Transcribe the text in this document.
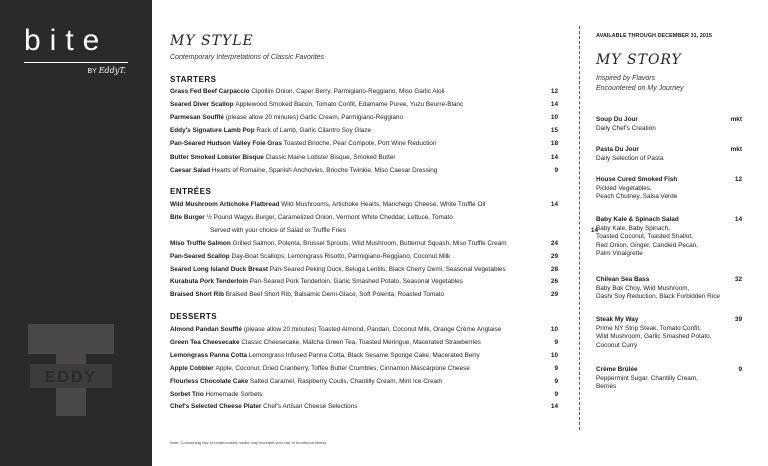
bite
BY EddyT.
EDDY
MY STYLE
Contemporary Interpretations of Classic Favorites
STARTERS
Grass Fed Beef Carpaccio Cipollini Onion, Caper Berry, Parmigiano-Reggiano, Miso Garlic Aioli	12
Seared Diver Scallop Applewood Smoked Bacon, Tomato Confit, Edamame Puree, Yuzu Beurre-Blanc	14
Parmesan Soufflé (please allow 20 minutes) Garlic Cream, Parmigiano-Reggiano	10
Eddy's Signature Lamb Pop Rack of Lamb, Garlic Cilantro Soy Glaze	15
Pan-Seared Hudson Valley Foie Gras Toasted Brioche, Pear Compote, Port Wine Reduction	18
Butter Smoked Lobster Bisque Classic Maine Lobster Bisque, Smoked Butter	14
Caesar Salad Hearts of Romaine, Spanish Anchovies, Brioche Twinkie, Miso Caesar Dressing	9
ENTRÉES
Wild Mushroom Artichoke Flatbread Wild Mushrooms, Artichoke Hearts, Manchego Cheese, White Truffle Oil	14
Bite Burger ½ Pound Wagyu Burger, Caramelized Onion, Vermont White Cheddar, Lettuce, Tomato
Served with your choice of Salad or Truffle Fries	14
Miso Truffle Salmon Grilled Salmon, Polenta, Brussel Sprouts, Wild Mushroom, Butternut Squash, Miso Truffle Cream	24
Pan-Seared Scallop Day-Boat Scallops, Lemongrass Risotto, Parmigiano-Reggiano, Coconut Milk	29
Seared Long Island Duck Breast Pan-Seared Peking Duck, Beluga Lentils, Black Cherry Demi, Seasonal Vegetables	28
Kurabuta Pork Tenderloin Pan-Seared Pork Tenderloin, Garlic Smashed Potato, Seasonal Vegetables	26
Braised Short Rib Braised Beef Short Rib, Balsamic Demi-Glace, Soft Polenta, Roasted Tomato	29
DESSERTS
Almond Pandan Soufflé (please allow 20 minutes) Toasted Almond, Pandan, Coconut Milk, Orange Crème Anglaise	10
Green Tea Cheesecake Classic Cheesecake, Matcha Green Tea, Toasted Meringue, Macerated Strawberries	9
Lemongrass Panna Cotta Lemongrass Infused Panna Cotta, Black Sesame Sponge Cake, Macerated Berry	10
Apple Cobbler Apple, Coconut, Dried Cranberry, Toffee Butter Crumbles, Cinnamon Mascarpone Cheese	9
Flourless Chocolate Cake Salted Caramel, Raspberry Coulis, Chantilly Cream, Mint Ice Cream	9
Sorbet Trio Homemade Sorbets	9
Chef's Selected Cheese Plater Chef's Artisan Cheese Selections	14
Note: Consuming raw or undercooked meats may increase your risk of foodborne illness.
AVAILABLE THROUGH DECEMBER 31, 2015
MY STORY
Inspired by Flavors
Encountered on My Journey
Soup Du Jour	mkt
Daily Chef's Creation
Pasta Du Jour	mkt
Daily Selection of Pasta
House Cured Smoked Fish	12
Pickled Vegetables,
Peach Chutney, Salsa Verde
Baby Kale & Spinach Salad	14
Baby Kale, Baby Spinach,
Toasted Coconut, Toasted Shallot,
Red Onion, Ginger, Candied Pecan,
Palm Vinaigrette
Chilean Sea Bass	32
Baby Bok Choy, Wild Mushroom,
Dashi Soy Reduction, Black Forbidden Rice
Steak My Way	39
Prime NY Strip Steak, Tomato Confit,
Wild Mushroom, Garlic Smashed Potato,
Coconut Curry
Crème Brûlée	9
Peppermint Sugar, Chantilly Cream,
Berries
